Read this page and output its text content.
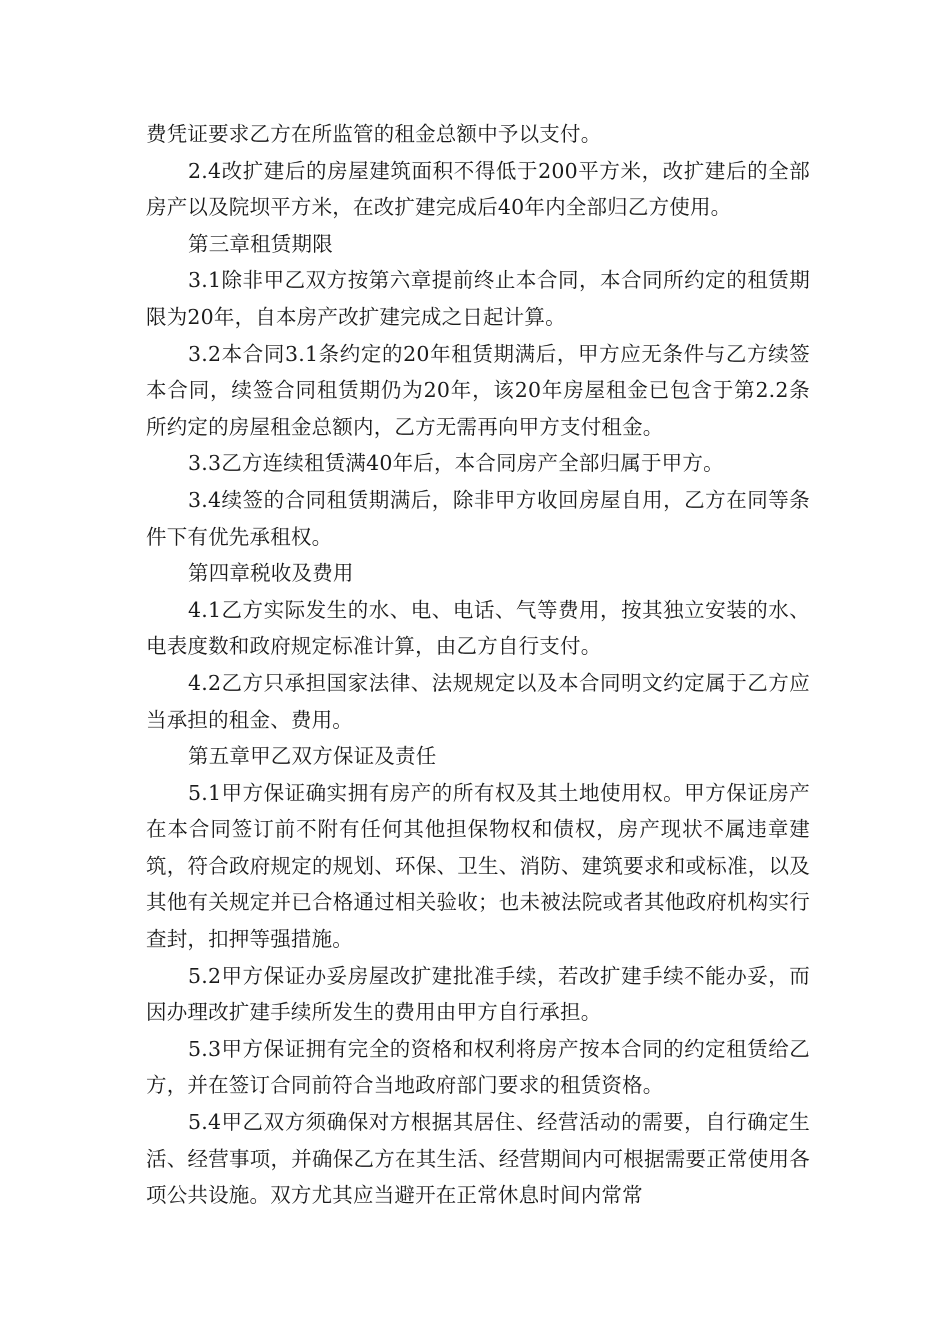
费凭证要求乙方在所监管的租金总额中予以支付。

2.4改扩建后的房屋建筑面积不得低于200平方米，改扩建后的全部房产以及院坝平方米，在改扩建完成后40年内全部归乙方使用。

第三章租赁期限

3.1除非甲乙双方按第六章提前终止本合同，本合同所约定的租赁期限为20年，自本房产改扩建完成之日起计算。

3.2本合同3.1条约定的20年租赁期满后，甲方应无条件与乙方续签本合同，续签合同租赁期仍为20年，该20年房屋租金已包含于第2.2条所约定的房屋租金总额内，乙方无需再向甲方支付租金。

3.3乙方连续租赁满40年后，本合同房产全部归属于甲方。

3.4续签的合同租赁期满后，除非甲方收回房屋自用，乙方在同等条件下有优先承租权。

第四章税收及费用

4.1乙方实际发生的水、电、电话、气等费用，按其独立安装的水、电表度数和政府规定标准计算，由乙方自行支付。

4.2乙方只承担国家法律、法规规定以及本合同明文约定属于乙方应当承担的租金、费用。

第五章甲乙双方保证及责任

5.1甲方保证确实拥有房产的所有权及其土地使用权。甲方保证房产在本合同签订前不附有任何其他担保物权和债权，房产现状不属违章建筑，符合政府规定的规划、环保、卫生、消防、建筑要求和或标准，以及其他有关规定并已合格通过相关验收；也未被法院或者其他政府机构实行查封，扣押等强措施。

5.2甲方保证办妥房屋改扩建批准手续，若改扩建手续不能办妥，而因办理改扩建手续所发生的费用由甲方自行承担。

5.3甲方保证拥有完全的资格和权利将房产按本合同的约定租赁给乙方，并在签订合同前符合当地政府部门要求的租赁资格。

5.4甲乙双方须确保对方根据其居住、经营活动的需要，自行确定生活、经营事项，并确保乙方在其生活、经营期间内可根据需要正常使用各项公共设施。双方尤其应当避开在正常休息时间内常常
